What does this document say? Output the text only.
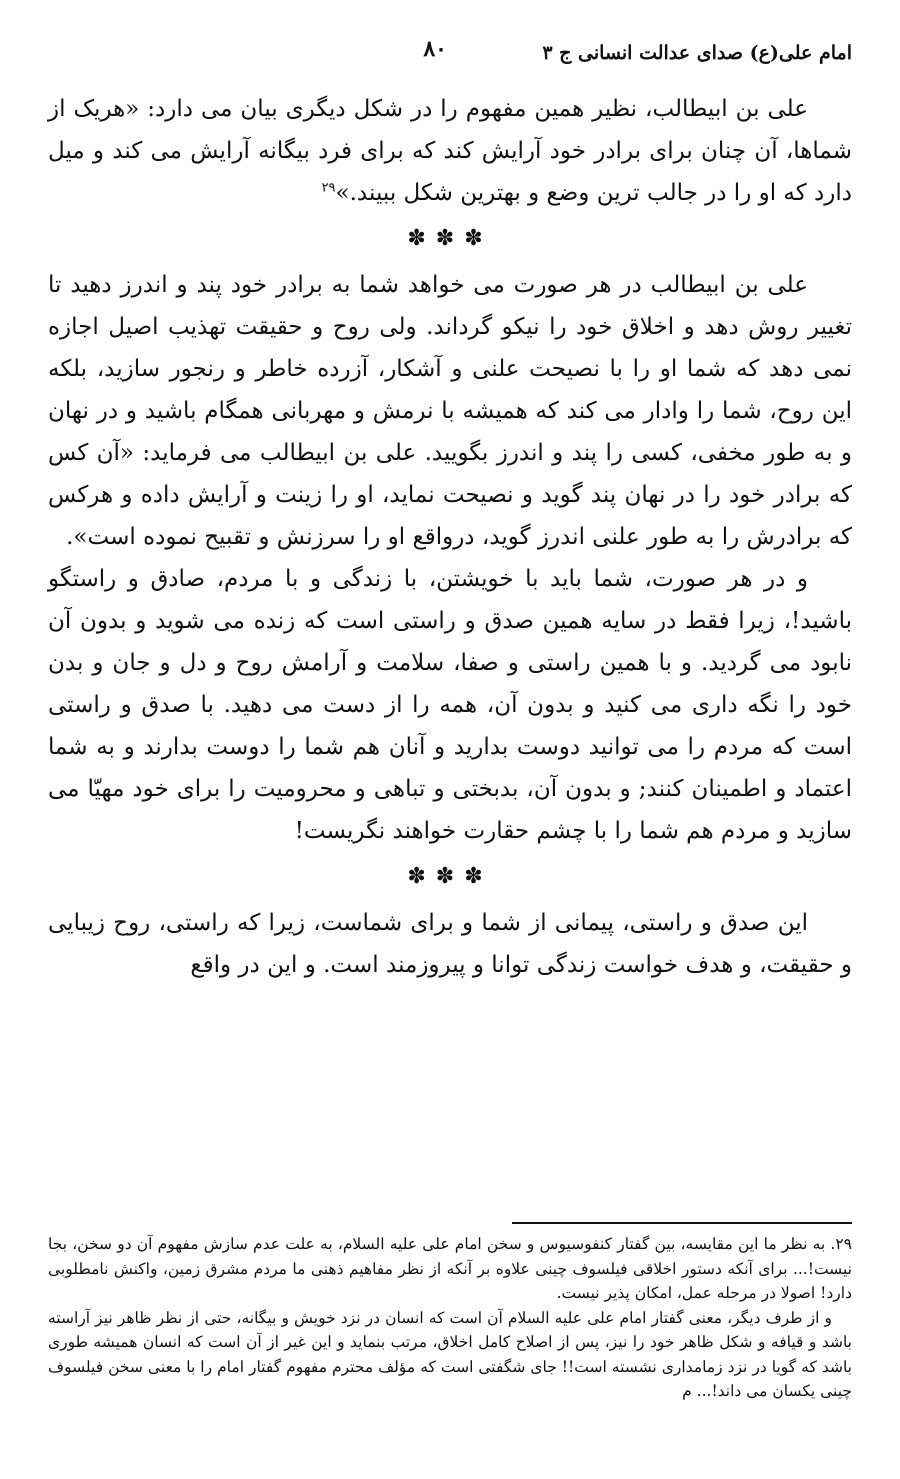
امام علی(ع) صدای عدالت انسانی ج ۳
۸۰

علی بن ابیطالب، نظیر همین مفهوم را در شکل دیگری بیان می دارد: «هریک از شماها، آن چنان برای برادر خود آرایش کند که برای فرد بیگانه آرایش می کند و میل دارد که او را در جالب ترین وضع و بهترین شکل ببیند.»$^{۲۹}$

✽✽✽

علی بن ابیطالب در هر صورت می خواهد شما به برادر خود پند و اندرز دهید تا تغییر روش دهد و اخلاق خود را نیکو گرداند. ولی روح و حقیقت تهذیب اصیل اجازه نمی دهد که شما او را با نصیحت علنی و آشکار، آزرده خاطر و رنجور سازید، بلکه این روح، شما را وادار می کند که همیشه با نرمش و مهربانی همگام باشید و در نهان و به طور مخفی، کسی را پند و اندرز بگویید. علی بن ابیطالب می فرماید: «آن کس که برادر خود را در نهان پند گوید و نصیحت نماید، او را زینت و آرایش داده و هرکس که برادرش را به طور علنی اندرز گوید، درواقع او را سرزنش و تقبیح نموده است».

و در هر صورت، شما باید با خویشتن، با زندگی و با مردم، صادق و راستگو باشید!، زیرا فقط در سایه همین صدق و راستی است که زنده می شوید و بدون آن نابود می گردید. و با همین راستی و صفا، سلامت و آرامش روح و دل و جان و بدن خود را نگه داری می کنید و بدون آن، همه را از دست می دهید. با صدق و راستی است که مردم را می توانید دوست بدارید و آنان هم شما را دوست بدارند و به شما اعتماد و اطمینان کنند; و بدون آن، بدبختی و تباهی و محرومیت را برای خود مهیّا می سازید و مردم هم شما را با چشم حقارت خواهند نگریست!

✽✽✽

این صدق و راستی، پیمانی از شما و برای شماست، زیرا که راستی، روح زیبایی و حقیقت، و هدف خواست زندگی توانا و پیروزمند است. و این در واقع

۲۹. به نظر ما این مقایسه، بین گفتار کنفوسیوس و سخن امام علی علیه السلام، به علت عدم سازش مفهوم آن دو سخن، بجا نیست!... برای آنکه دستور اخلاقی فیلسوف چینی علاوه بر آنکه از نظر مفاهیم ذهنی ما مردم مشرق زمین، واکنش نامطلوبی دارد! اصولا در مرحله عمل، امکان پذیر نیست.

و از طرف دیگر، معنی گفتار امام علی علیه السلام آن است که انسان در نزد خویش و بیگانه، حتی از نظر ظاهر نیز آراسته باشد و قیافه و شکل ظاهر خود را نیز، پس از اصلاح کامل اخلاق، مرتب بنماید و این غیر از آن است که انسان همیشه طوری باشد که گویا در نزد زمامداری نشسته است!! جای شگفتی است که مؤلف محترم مفهوم گفتار امام را با معنی سخن فیلسوف چینی یکسان می داند!... م
